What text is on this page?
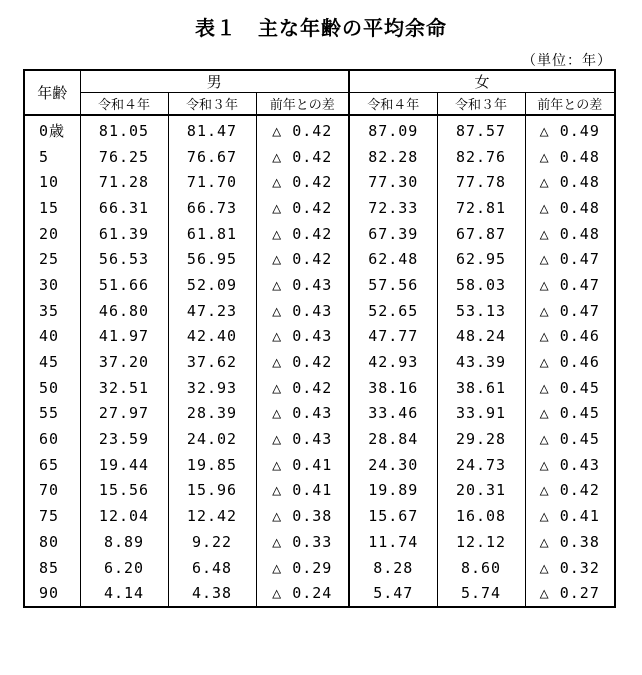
表１　主な年齢の平均余命
（単位：年）
年齢	男			女		
	令和４年	令和３年	前年との差	令和４年	令和３年	前年との差
0歳	81.05	81.47	△ 0.42	87.09	87.57	△ 0.49
5	76.25	76.67	△ 0.42	82.28	82.76	△ 0.48
10	71.28	71.70	△ 0.42	77.30	77.78	△ 0.48
15	66.31	66.73	△ 0.42	72.33	72.81	△ 0.48
20	61.39	61.81	△ 0.42	67.39	67.87	△ 0.48
25	56.53	56.95	△ 0.42	62.48	62.95	△ 0.47
30	51.66	52.09	△ 0.43	57.56	58.03	△ 0.47
35	46.80	47.23	△ 0.43	52.65	53.13	△ 0.47
40	41.97	42.40	△ 0.43	47.77	48.24	△ 0.46
45	37.20	37.62	△ 0.42	42.93	43.39	△ 0.46
50	32.51	32.93	△ 0.42	38.16	38.61	△ 0.45
55	27.97	28.39	△ 0.43	33.46	33.91	△ 0.45
60	23.59	24.02	△ 0.43	28.84	29.28	△ 0.45
65	19.44	19.85	△ 0.41	24.30	24.73	△ 0.43
70	15.56	15.96	△ 0.41	19.89	20.31	△ 0.42
75	12.04	12.42	△ 0.38	15.67	16.08	△ 0.41
80	8.89	9.22	△ 0.33	11.74	12.12	△ 0.38
85	6.20	6.48	△ 0.29	8.28	8.60	△ 0.32
90	4.14	4.38	△ 0.24	5.47	5.74	△ 0.27
